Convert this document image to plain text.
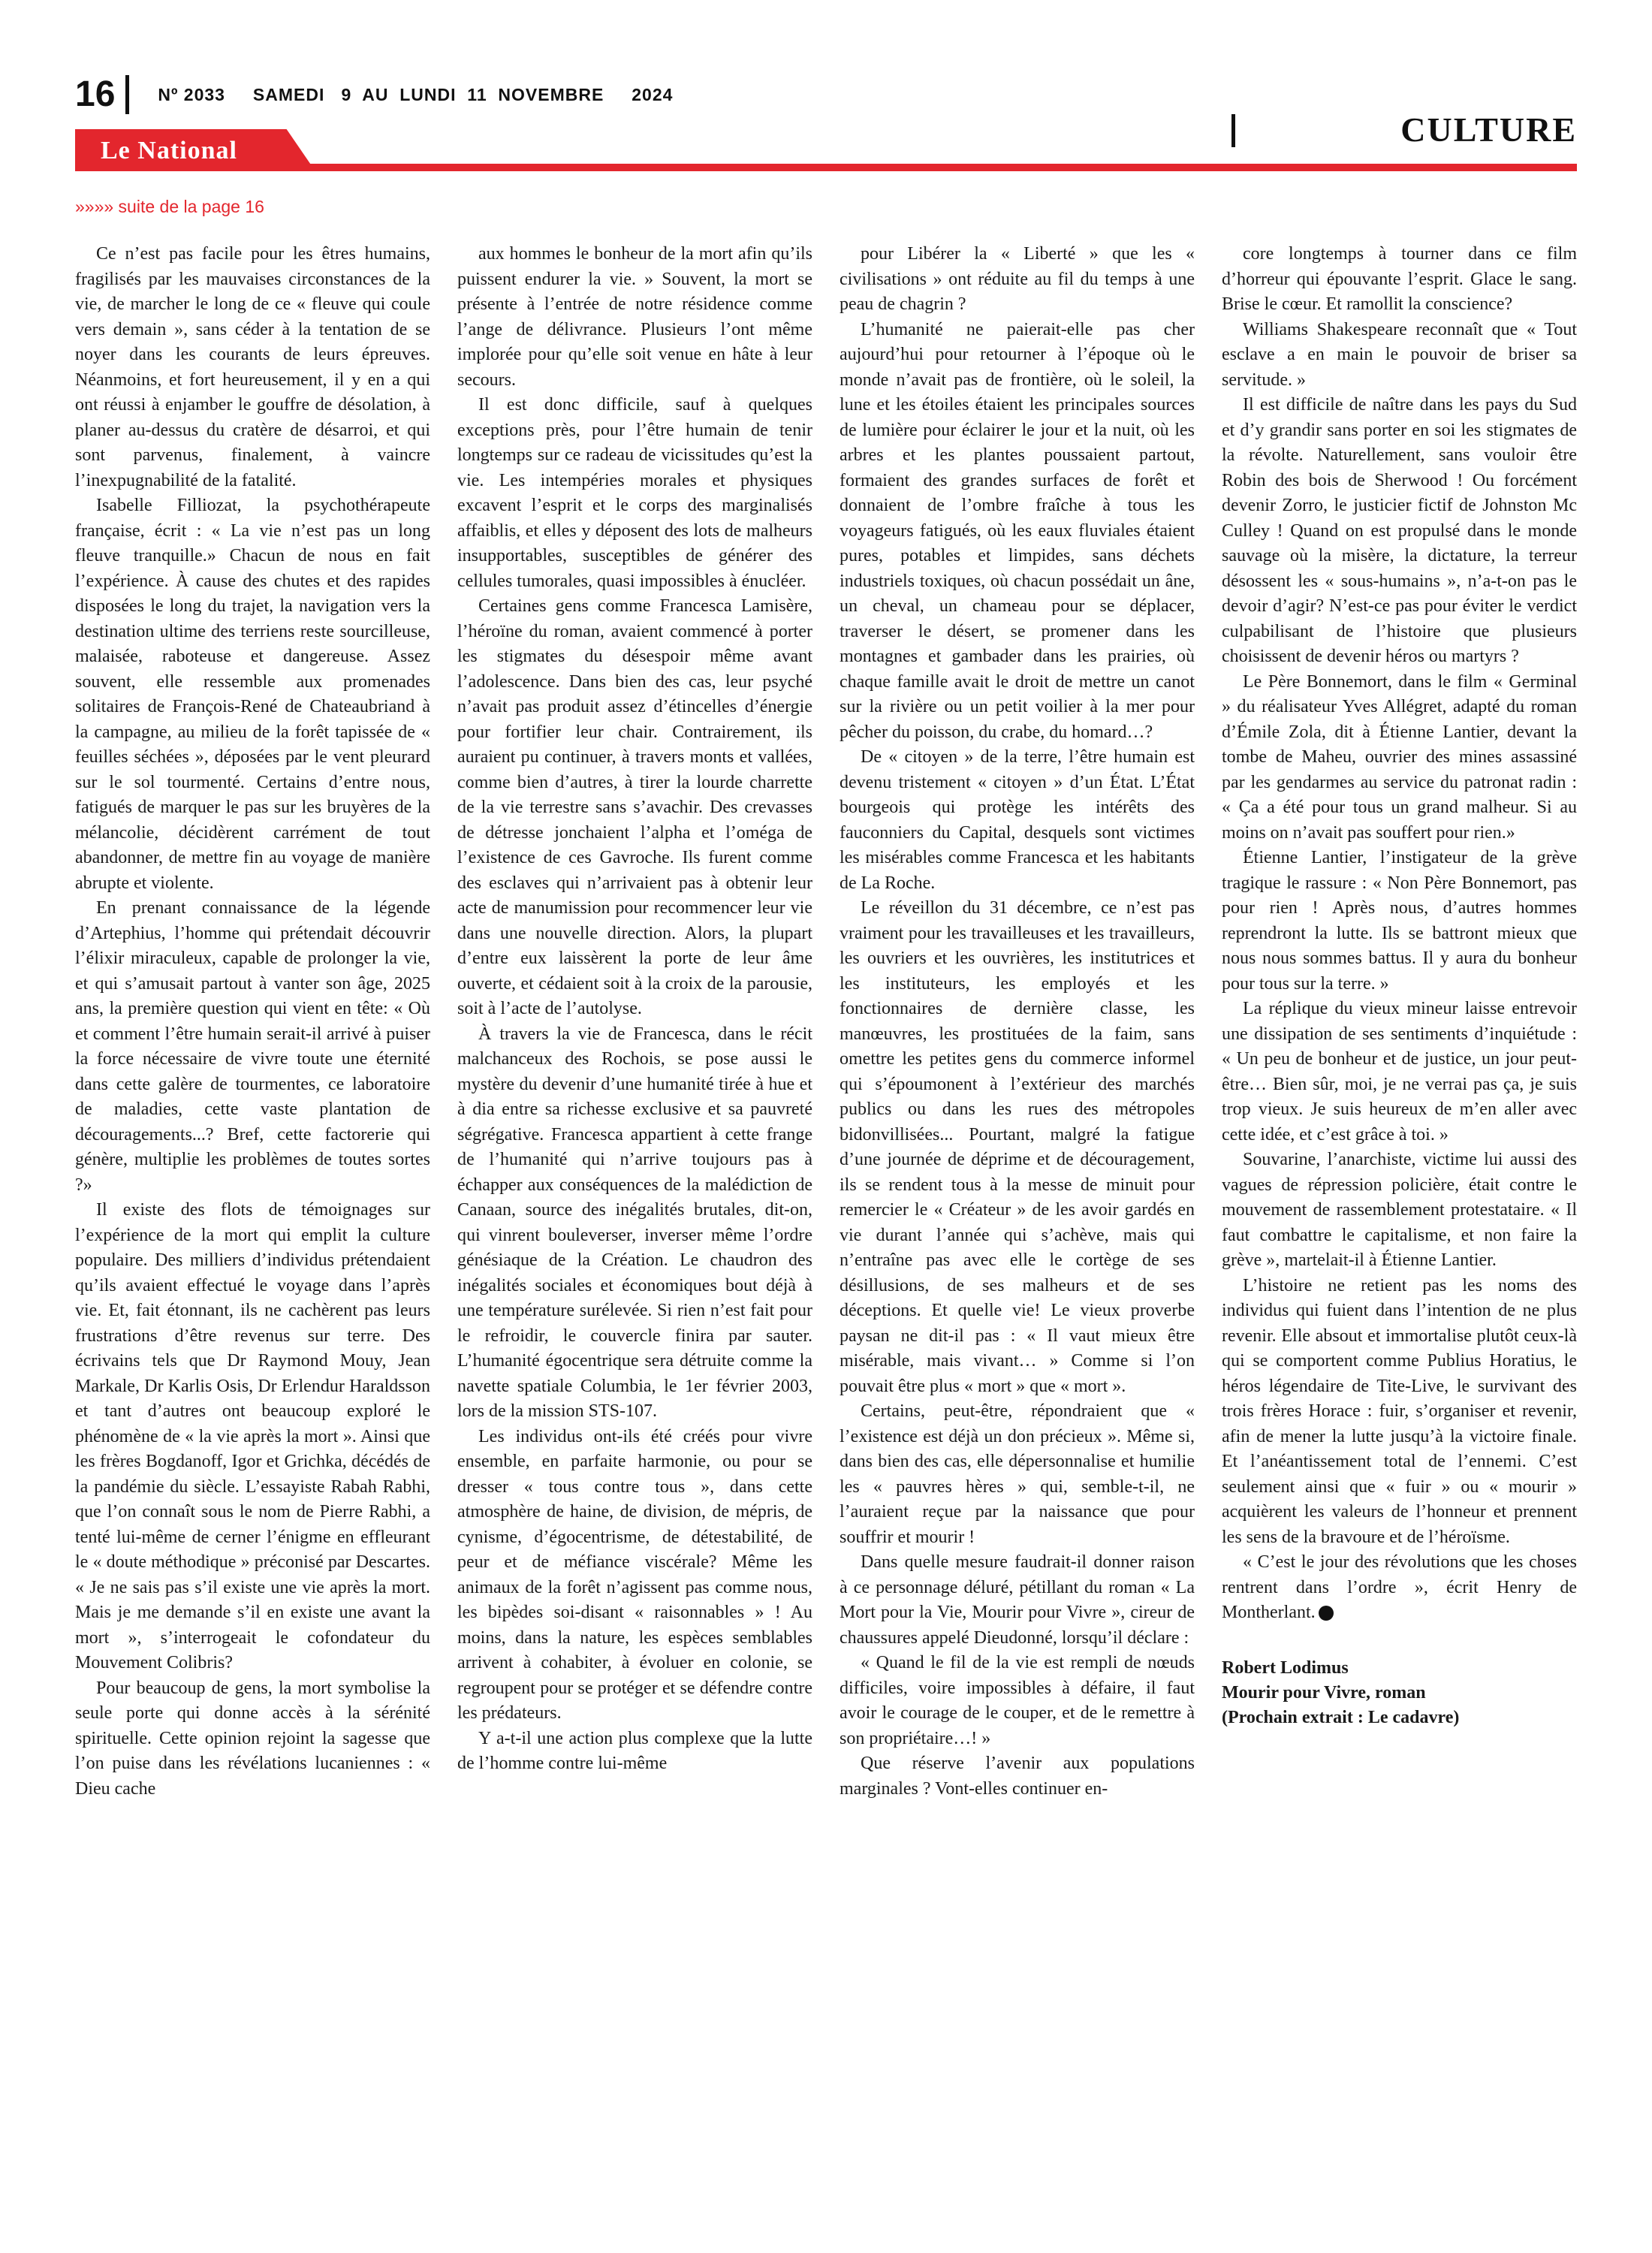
16 Nº 2033     SAMEDI   9  AU  LUNDI  11  NOVEMBRE     2024
Le National
CULTURE
»»»» suite de la page 16

Ce n’est pas facile pour les êtres humains, fragilisés par les mauvaises circonstances de la vie, de marcher le long de ce « fleuve qui coule vers demain », sans céder à la tentation de se noyer dans les courants de leurs épreuves. Néanmoins, et fort heureusement, il y en a qui ont réussi à enjamber le gouffre de désolation, à planer au-dessus du cratère de désarroi, et qui sont parvenus, finalement, à vaincre l’inexpugnabilité de la fatalité.

Isabelle Filliozat, la psychothérapeute française, écrit : « La vie n’est pas un long fleuve tranquille.» Chacun de nous en fait l’expérience. À cause des chutes et des rapides disposées le long du trajet, la navigation vers la destination ultime des terriens reste sourcilleuse, malaisée, raboteuse et dangereuse. Assez souvent, elle ressemble aux promenades solitaires de François-René de Chateaubriand à la campagne, au milieu de la forêt tapissée de « feuilles séchées », déposées par le vent pleurard sur le sol tourmenté. Certains d’entre nous, fatigués de marquer le pas sur les bruyères de la mélancolie, décidèrent carrément de tout abandonner, de mettre fin au voyage de manière abrupte et violente.

En prenant connaissance de la légende d’Artephius, l’homme qui prétendait découvrir l’élixir miraculeux, capable de prolonger la vie, et qui s’amusait partout à vanter son âge, 2025 ans, la première question qui vient en tête: « Où et comment l’être humain serait-il arrivé à puiser la force nécessaire de vivre toute une éternité dans cette galère de tourmentes, ce laboratoire de maladies, cette vaste plantation de découragements...? Bref, cette factorerie qui génère, multiplie les problèmes de toutes sortes ?»

Il existe des flots de témoignages sur l’expérience de la mort qui emplit la culture populaire. Des milliers d’individus prétendaient qu’ils avaient effectué le voyage dans l’après vie. Et, fait étonnant, ils ne cachèrent pas leurs frustrations d’être revenus sur terre. Des écrivains tels que Dr Raymond Mouy, Jean Markale, Dr Karlis Osis, Dr Erlendur Haraldsson et tant d’autres ont beaucoup exploré le phénomène de « la vie après la mort ». Ainsi que les frères Bogdanoff, Igor et Grichka, décédés de la pandémie du siècle. L’essayiste Rabah Rabhi, que l’on connaît sous le nom de Pierre Rabhi, a tenté lui-même de cerner l’énigme en effleurant le « doute méthodique » préconisé par Descartes. « Je ne sais pas s’il existe une vie après la mort. Mais je me demande s’il en existe une avant la mort », s’interrogeait le cofondateur du Mouvement Colibris?

Pour beaucoup de gens, la mort symbolise la seule porte qui donne accès à la sérénité spirituelle. Cette opinion rejoint la sagesse que l’on puise dans les révélations lucaniennes : « Dieu cache

aux hommes le bonheur de la mort afin qu’ils puissent endurer la vie. » Souvent, la mort se présente à l’entrée de notre résidence comme l’ange de délivrance. Plusieurs l’ont même implorée pour qu’elle soit venue en hâte à leur secours.

Il est donc difficile, sauf à quelques exceptions près, pour l’être humain de tenir longtemps sur ce radeau de vicissitudes qu’est la vie. Les intempéries morales et physiques excavent l’esprit et le corps des marginalisés affaiblis, et elles y déposent des lots de malheurs insupportables, susceptibles de générer des cellules tumorales, quasi impossibles à énucléer.

Certaines gens comme Francesca Lamisère, l’héroïne du roman, avaient commencé à porter les stigmates du désespoir même avant l’adolescence. Dans bien des cas, leur psyché n’avait pas produit assez d’étincelles d’énergie pour fortifier leur chair. Contrairement, ils auraient pu continuer, à travers monts et vallées, comme bien d’autres, à tirer la lourde charrette de la vie terrestre sans s’avachir. Des crevasses de détresse jonchaient l’alpha et l’oméga de l’existence de ces Gavroche. Ils furent comme des esclaves qui n’arrivaient pas à obtenir leur acte de manumission pour recommencer leur vie dans une nouvelle direction. Alors, la plupart d’entre eux laissèrent la porte de leur âme ouverte, et cédaient soit à la croix de la parousie, soit à l’acte de l’autolyse.

À travers la vie de Francesca, dans le récit malchanceux des Rochois, se pose aussi le mystère du devenir d’une humanité tirée à hue et à dia entre sa richesse exclusive et sa pauvreté ségrégative. Francesca appartient à cette frange de l’humanité qui n’arrive toujours pas à échapper aux conséquences de la malédiction de Canaan, source des inégalités brutales, dit-on, qui vinrent bouleverser, inverser même l’ordre génésiaque de la Création. Le chaudron des inégalités sociales et économiques bout déjà à une température surélevée. Si rien n’est fait pour le refroidir, le couvercle finira par sauter. L’humanité égocentrique sera détruite comme la navette spatiale Columbia, le 1er février 2003, lors de la mission STS-107.

Les individus ont-ils été créés pour vivre ensemble, en parfaite harmonie, ou pour se dresser « tous contre tous », dans cette atmosphère de haine, de division, de mépris, de cynisme, d’égocentrisme, de détestabilité, de peur et de méfiance viscérale? Même les animaux de la forêt n’agissent pas comme nous, les bipèdes soi-disant « raisonnables » ! Au moins, dans la nature, les espèces semblables arrivent à cohabiter, à évoluer en colonie, se regroupent pour se protéger et se défendre contre les prédateurs.

Y a-t-il une action plus complexe que la lutte de l’homme contre lui-même

pour Libérer la « Liberté » que les « civilisations » ont réduite au fil du temps à une peau de chagrin ?

L’humanité ne paierait-elle pas cher aujourd’hui pour retourner à l’époque où le monde n’avait pas de frontière, où le soleil, la lune et les étoiles étaient les principales sources de lumière pour éclairer le jour et la nuit, où les arbres et les plantes poussaient partout, formaient des grandes surfaces de forêt et donnaient de l’ombre fraîche à tous les voyageurs fatigués, où les eaux fluviales étaient pures, potables et limpides, sans déchets industriels toxiques, où chacun possédait un âne, un cheval, un chameau pour se déplacer, traverser le désert, se promener dans les montagnes et gambader dans les prairies, où chaque famille avait le droit de mettre un canot sur la rivière ou un petit voilier à la mer pour pêcher du poisson, du crabe, du homard…?

De « citoyen » de la terre, l’être humain est devenu tristement « citoyen » d’un État. L’État bourgeois qui protège les intérêts des fauconniers du Capital, desquels sont victimes les misérables comme Francesca et les habitants de La Roche.

Le réveillon du 31 décembre, ce n’est pas vraiment pour les travailleuses et les travailleurs, les ouvriers et les ouvrières, les institutrices et les instituteurs, les employés et les fonctionnaires de dernière classe, les manœuvres, les prostituées de la faim, sans omettre les petites gens du commerce informel qui s’époumonent à l’extérieur des marchés publics ou dans les rues des métropoles bidonvillisées... Pourtant, malgré la fatigue d’une journée de déprime et de découragement, ils se rendent tous à la messe de minuit pour remercier le « Créateur » de les avoir gardés en vie durant l’année qui s’achève, mais qui n’entraîne pas avec elle le cortège de ses désillusions, de ses malheurs et de ses déceptions. Et quelle vie! Le vieux proverbe paysan ne dit-il pas : « Il vaut mieux être misérable, mais vivant… » Comme si l’on pouvait être plus « mort » que « mort ».

Certains, peut-être, répondraient que « l’existence est déjà un don précieux ». Même si, dans bien des cas, elle dépersonnalise et humilie les « pauvres hères » qui, semble-t-il, ne l’auraient reçue par la naissance que pour souffrir et mourir !

Dans quelle mesure faudrait-il donner raison à ce personnage déluré, pétillant du roman « La Mort pour la Vie, Mourir pour Vivre », cireur de chaussures appelé Dieudonné, lorsqu’il déclare :

« Quand le fil de la vie est rempli de nœuds difficiles, voire impossibles à défaire, il faut avoir le courage de le couper, et de le remettre à son propriétaire…! »

Que réserve l’avenir aux populations marginales ? Vont-elles continuer en-

core longtemps à tourner dans ce film d’horreur qui épouvante l’esprit. Glace le sang. Brise le cœur. Et ramollit la conscience?

Williams Shakespeare reconnaît que « Tout esclave a en main le pouvoir de briser sa servitude. »

Il est difficile de naître dans les pays du Sud et d’y grandir sans porter en soi les stigmates de la révolte. Naturellement, sans vouloir être Robin des bois de Sherwood ! Ou forcément devenir Zorro, le justicier fictif de Johnston Mc Culley ! Quand on est propulsé dans le monde sauvage où la misère, la dictature, la terreur désossent les « sous-humains », n’a-t-on pas le devoir d’agir? N’est-ce pas pour éviter le verdict culpabilisant de l’histoire que plusieurs choisissent de devenir héros ou martyrs ?

Le Père Bonnemort, dans le film « Germinal » du réalisateur Yves Allégret, adapté du roman d’Émile Zola, dit à Étienne Lantier, devant la tombe de Maheu, ouvrier des mines assassiné par les gendarmes au service du patronat radin : « Ça a été pour tous un grand malheur. Si au moins on n’avait pas souffert pour rien.»

Étienne Lantier, l’instigateur de la grève tragique le rassure : « Non Père Bonnemort, pas pour rien ! Après nous, d’autres hommes reprendront la lutte. Ils se battront mieux que nous nous sommes battus. Il y aura du bonheur pour tous sur la terre. »

La réplique du vieux mineur laisse entrevoir une dissipation de ses sentiments d’inquiétude : « Un peu de bonheur et de justice, un jour peut-être… Bien sûr, moi, je ne verrai pas ça, je suis trop vieux. Je suis heureux de m’en aller avec cette idée, et c’est grâce à toi. »

Souvarine, l’anarchiste, victime lui aussi des vagues de répression policière, était contre le mouvement de rassemblement protestataire. « Il faut combattre le capitalisme, et non faire la grève », martelait-il à Étienne Lantier.

L’histoire ne retient pas les noms des individus qui fuient dans l’intention de ne plus revenir. Elle absout et immortalise plutôt ceux-là qui se comportent comme Publius Horatius, le héros légendaire de Tite-Live, le survivant des trois frères Horace : fuir, s’organiser et revenir, afin de mener la lutte jusqu’à la victoire finale. Et l’anéantissement total de l’ennemi. C’est seulement ainsi que « fuir » ou « mourir » acquièrent les valeurs de l’honneur et prennent les sens de la bravoure et de l’héroïsme.

« C’est le jour des révolutions que les choses rentrent dans l’ordre », écrit Henry de Montherlant.

Robert Lodimus
Mourir pour Vivre, roman
(Prochain extrait : Le cadavre)
